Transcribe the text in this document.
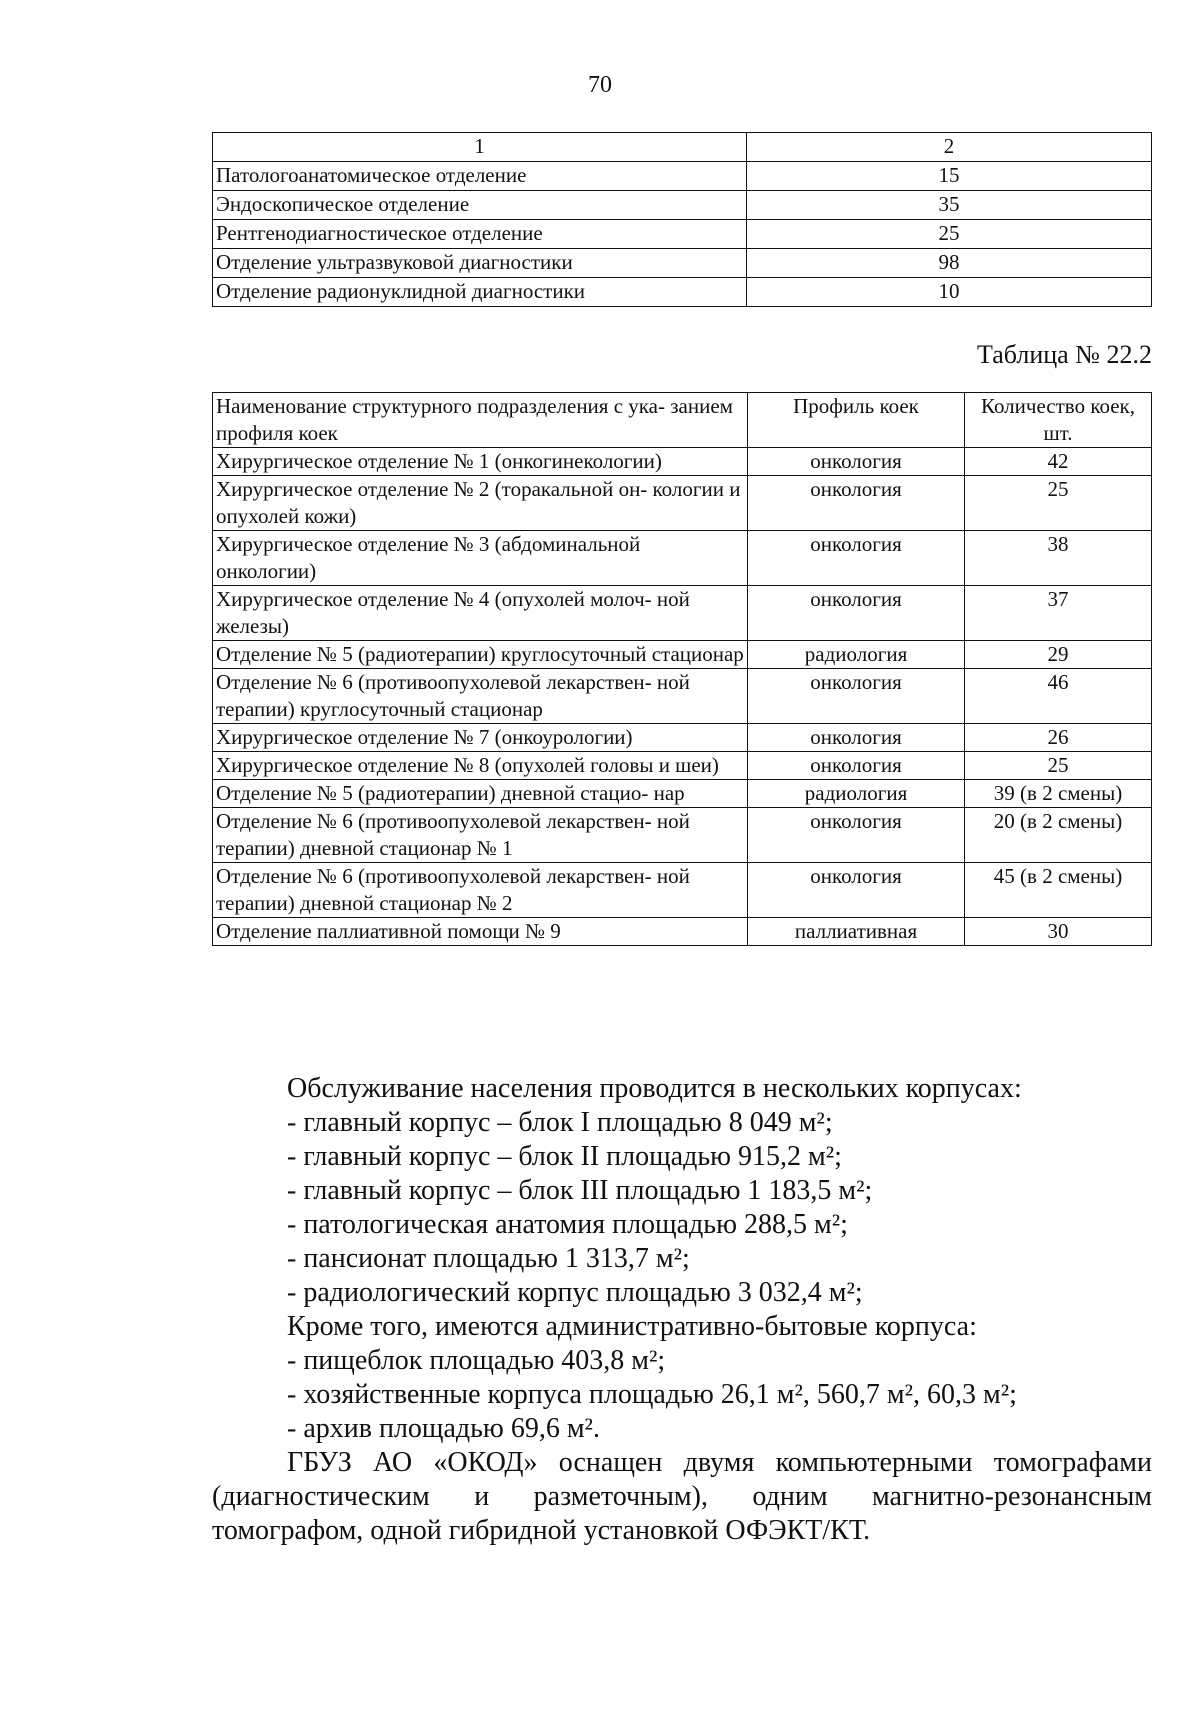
70
1	2
Патологоанатомическое отделение	15
Эндоскопическое отделение	35
Рентгенодиагностическое отделение	25
Отделение ультразвуковой диагностики	98
Отделение радионуклидной диагностики	10
Таблица № 22.2
Наименование структурного подразделения с ука- занием профиля коек	Профиль коек	Количество коек, шт.
Хирургическое отделение № 1 (онкогинекологии)	онкология	42
Хирургическое отделение № 2 (торакальной он- кологии и опухолей кожи)	онкология	25
Хирургическое отделение № 3 (абдоминальной онкологии)	онкология	38
Хирургическое отделение № 4 (опухолей молоч- ной железы)	онкология	37
Отделение № 5 (радиотерапии) круглосуточный стационар	радиология	29
Отделение № 6 (противоопухолевой лекарствен- ной терапии) круглосуточный стационар	онкология	46
Хирургическое отделение № 7 (онкоурологии)	онкология	26
Хирургическое отделение № 8 (опухолей головы и шеи)	онкология	25
Отделение № 5 (радиотерапии) дневной стацио- нар	радиология	39 (в 2 смены)
Отделение № 6 (противоопухолевой лекарствен- ной терапии) дневной стационар № 1	онкология	20 (в 2 смены)
Отделение № 6 (противоопухолевой лекарствен- ной терапии) дневной стационар № 2	онкология	45 (в 2 смены)
Отделение паллиативной помощи № 9	паллиативная	30

Обслуживание населения проводится в нескольких корпусах:

- главный корпус – блок I площадью 8 049 м²;

- главный корпус – блок II площадью 915,2 м²;

- главный корпус – блок III площадью 1 183,5 м²;

- патологическая анатомия площадью 288,5 м²;

- пансионат площадью 1 313,7 м²;

- радиологический корпус площадью 3 032,4 м²;

Кроме того, имеются административно-бытовые корпуса:

- пищеблок площадью 403,8 м²;

- хозяйственные корпуса площадью 26,1 м², 560,7 м², 60,3 м²;

- архив площадью 69,6 м².

ГБУЗ АО «ОКОД» оснащен двумя компьютерными томографами (диагностическим и разметочным), одним магнитно-резонансным томографом, одной гибридной установкой ОФЭКТ/КТ.
